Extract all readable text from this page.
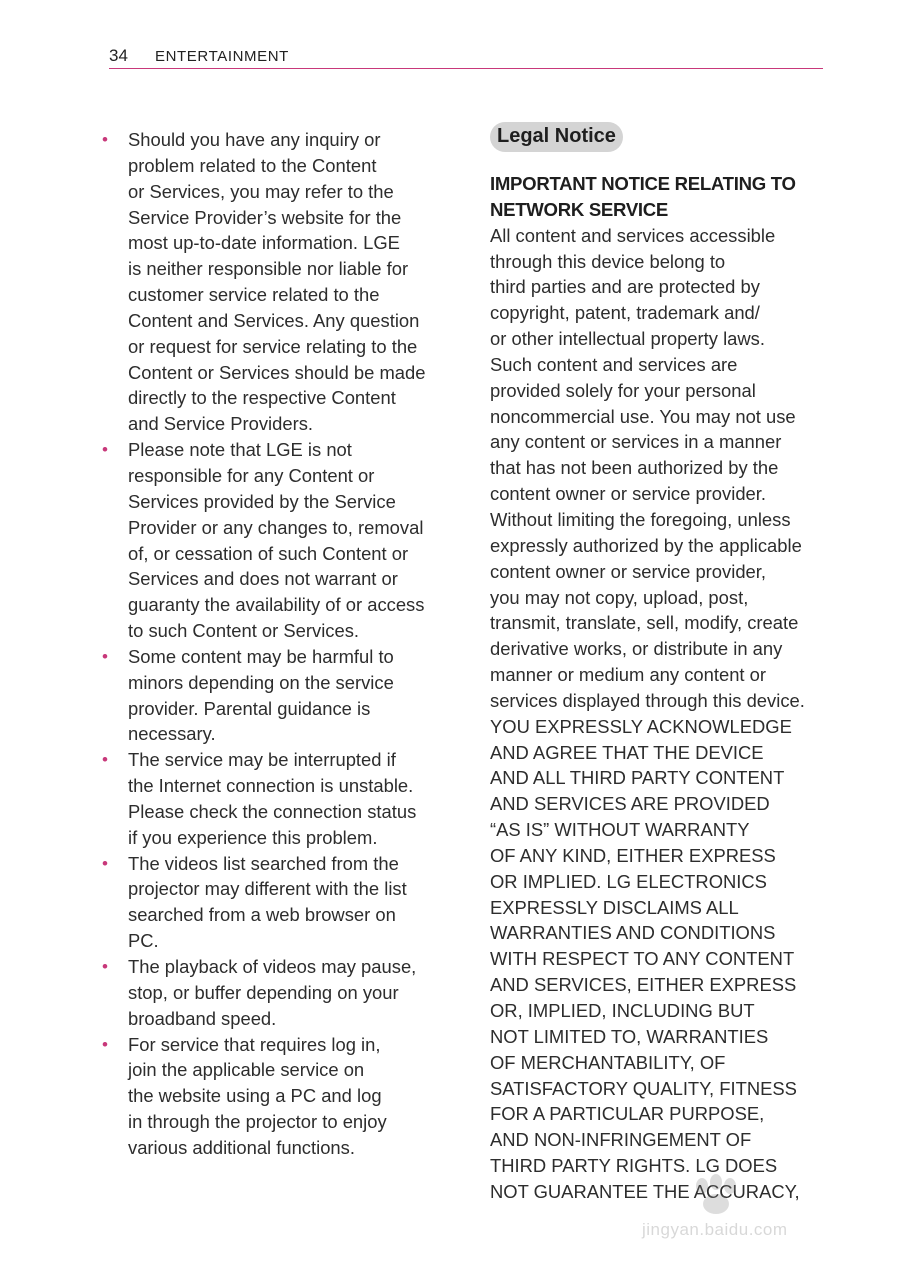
34 ENTERTAINMENT
• Should you have any inquiry or
problem related to the Content
or Services, you may refer to the
Service Provider’s website for the
most up-to-date information. LGE
is neither responsible nor liable for
customer service related to the
Content and Services. Any question
or request for service relating to the
Content or Services should be made
directly to the respective Content
and Service Providers.
• Please note that LGE is not
responsible for any Content or
Services provided by the Service
Provider or any changes to, removal
of, or cessation of such Content or
Services and does not warrant or
guaranty the availability of or access
to such Content or Services.
• Some content may be harmful to
minors depending on the service
provider. Parental guidance is
necessary.
• The service may be interrupted if
the Internet connection is unstable.
Please check the connection status
if you experience this problem.
• The videos list searched from the
projector may different with the list
searched from a web browser on
PC.
• The playback of videos may pause,
stop, or buffer depending on your
broadband speed.
• For service that requires log in,
join the applicable service on
the website using a PC and log
in through the projector to enjoy
various additional functions.
Legal Notice
IMPORTANT NOTICE RELATING TO
NETWORK SERVICE
All content and services accessible
through this device belong to
third parties and are protected by
copyright, patent, trademark and/
or other intellectual property laws.
Such content and services are
provided solely for your personal
noncommercial use. You may not use
any content or services in a manner
that has not been authorized by the
content owner or service provider.
Without limiting the foregoing, unless
expressly authorized by the applicable
content owner or service provider,
you may not copy, upload, post,
transmit, translate, sell, modify, create
derivative works, or distribute in any
manner or medium any content or
services displayed through this device.
YOU EXPRESSLY ACKNOWLEDGE
AND AGREE THAT THE DEVICE
AND ALL THIRD PARTY CONTENT
AND SERVICES ARE PROVIDED
“AS IS” WITHOUT WARRANTY
OF ANY KIND, EITHER EXPRESS
OR IMPLIED. LG ELECTRONICS
EXPRESSLY DISCLAIMS ALL
WARRANTIES AND CONDITIONS
WITH RESPECT TO ANY CONTENT
AND SERVICES, EITHER EXPRESS
OR, IMPLIED, INCLUDING BUT
NOT LIMITED TO, WARRANTIES
OF MERCHANTABILITY, OF
SATISFACTORY QUALITY, FITNESS
FOR A PARTICULAR PURPOSE,
AND NON-INFRINGEMENT OF
THIRD PARTY RIGHTS. LG DOES
NOT GUARANTEE THE ACCURACY,
jingyan.baidu.com
